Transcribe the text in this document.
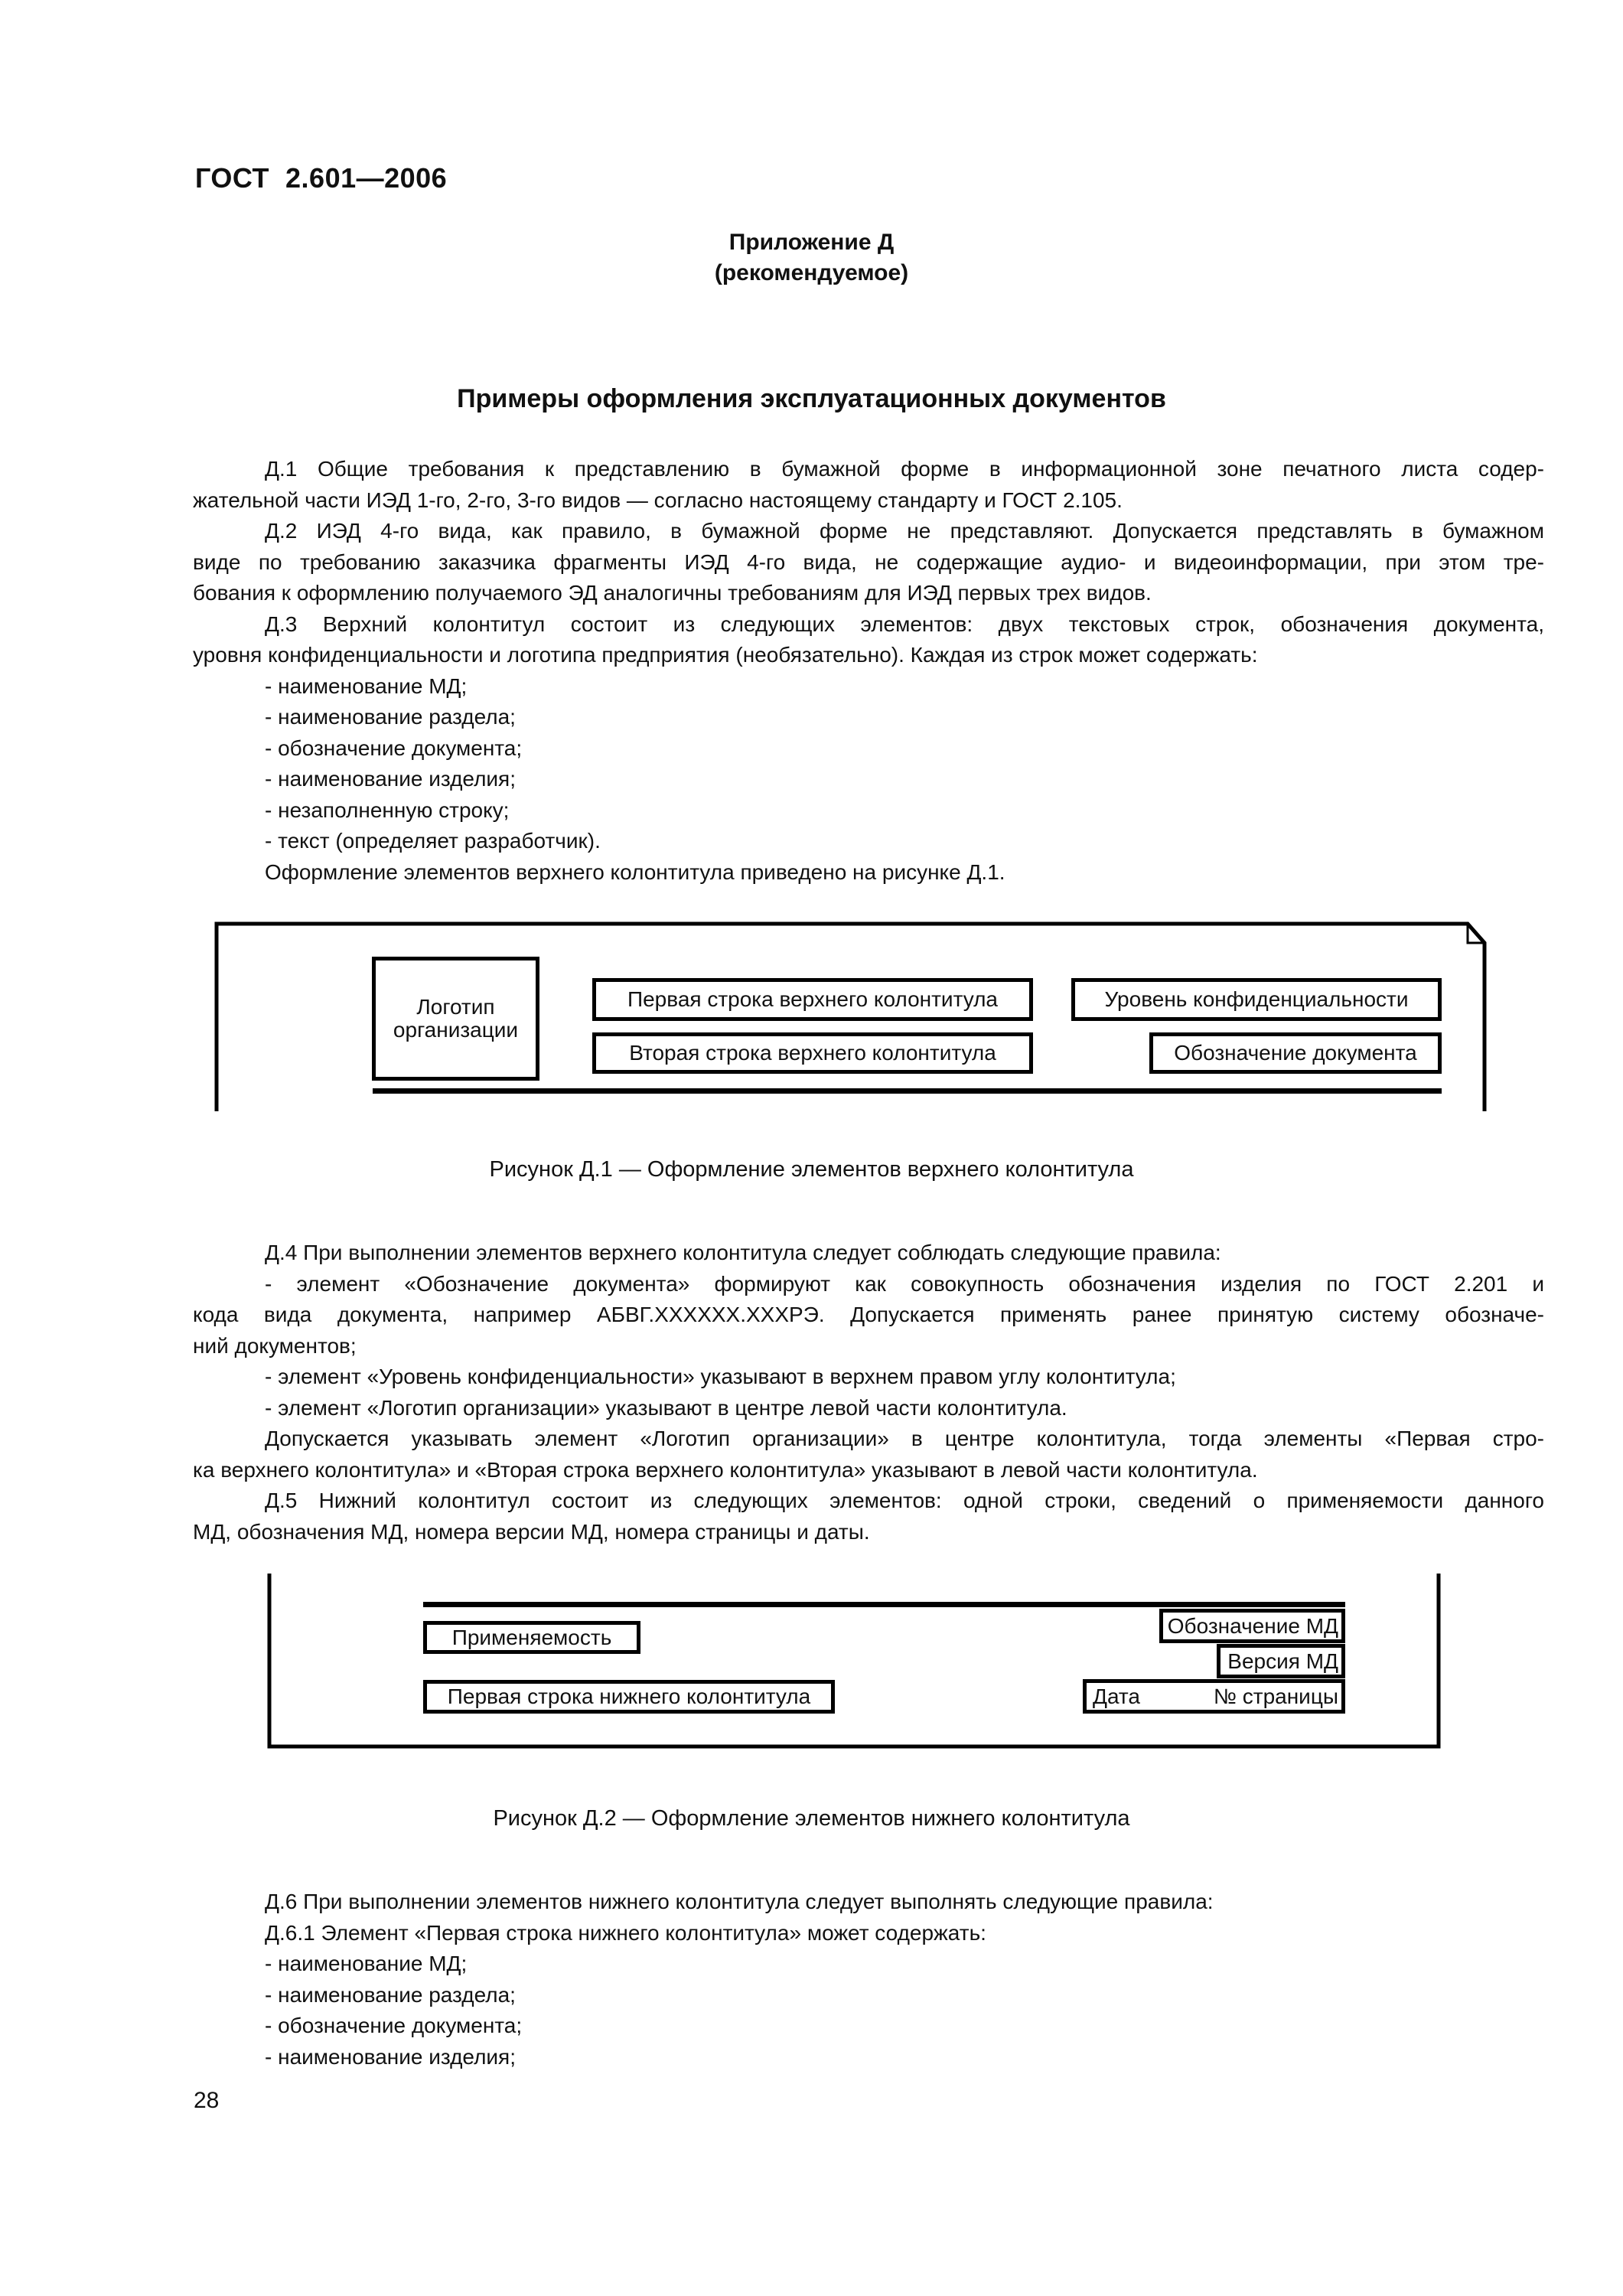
ГОСТ  2.601—2006
Приложение Д
(рекомендуемое)
Примеры оформления эксплуатационных документов
Д.1 Общие требования к представлению в бумажной форме в информационной зоне печатного листа содер-
жательной части ИЭД 1-го, 2-го, 3-го видов — согласно настоящему стандарту и ГОСТ 2.105.
Д.2 ИЭД 4-го вида, как правило, в бумажной форме не представляют. Допускается представлять в бумажном
виде по требованию заказчика фрагменты ИЭД 4-го вида, не содержащие аудио- и видеоинформации, при этом тре-
бования к оформлению получаемого ЭД аналогичны требованиям для ИЭД первых трех видов.
Д.3 Верхний колонтитул состоит из следующих элементов: двух текстовых строк, обозначения документа,
уровня конфиденциальности и логотипа предприятия (необязательно). Каждая из строк может содержать:
- наименование МД;
- наименование раздела;
- обозначение документа;
- наименование изделия;
- незаполненную строку;
- текст (определяет разработчик).
Оформление элементов верхнего колонтитула приведено на рисунке Д.1.
Логотип
организации
Первая строка верхнего колонтитула
Вторая строка верхнего колонтитула
Уровень конфиденциальности
Обозначение документа
Рисунок Д.1 — Оформление элементов верхнего колонтитула
Д.4 При выполнении элементов верхнего колонтитула следует соблюдать следующие правила:
- элемент «Обозначение документа» формируют как совокупность обозначения изделия по ГОСТ 2.201 и
кода вида документа, например АБВГ.ХХХХХХ.ХХХРЭ. Допускается применять ранее принятую систему обозначе-
ний документов;
- элемент «Уровень конфиденциальности» указывают в верхнем правом углу колонтитула;
- элемент «Логотип организации» указывают в центре левой части колонтитула.
Допускается указывать элемент «Логотип организации» в центре колонтитула, тогда элементы «Первая стро-
ка верхнего колонтитула» и «Вторая строка верхнего колонтитула» указывают в левой части колонтитула.
Д.5 Нижний колонтитул состоит из следующих элементов: одной строки, сведений о применяемости данного
МД, обозначения МД, номера версии МД, номера страницы и даты.
Применяемость
Первая строка нижнего колонтитула
Обозначение МД
Версия МД
Дата	№ страницы
Рисунок Д.2 — Оформление элементов нижнего колонтитула
Д.6 При выполнении элементов нижнего колонтитула следует выполнять следующие правила:
Д.6.1 Элемент «Первая строка нижнего колонтитула» может содержать:
- наименование МД;
- наименование раздела;
- обозначение документа;
- наименование изделия;
28
